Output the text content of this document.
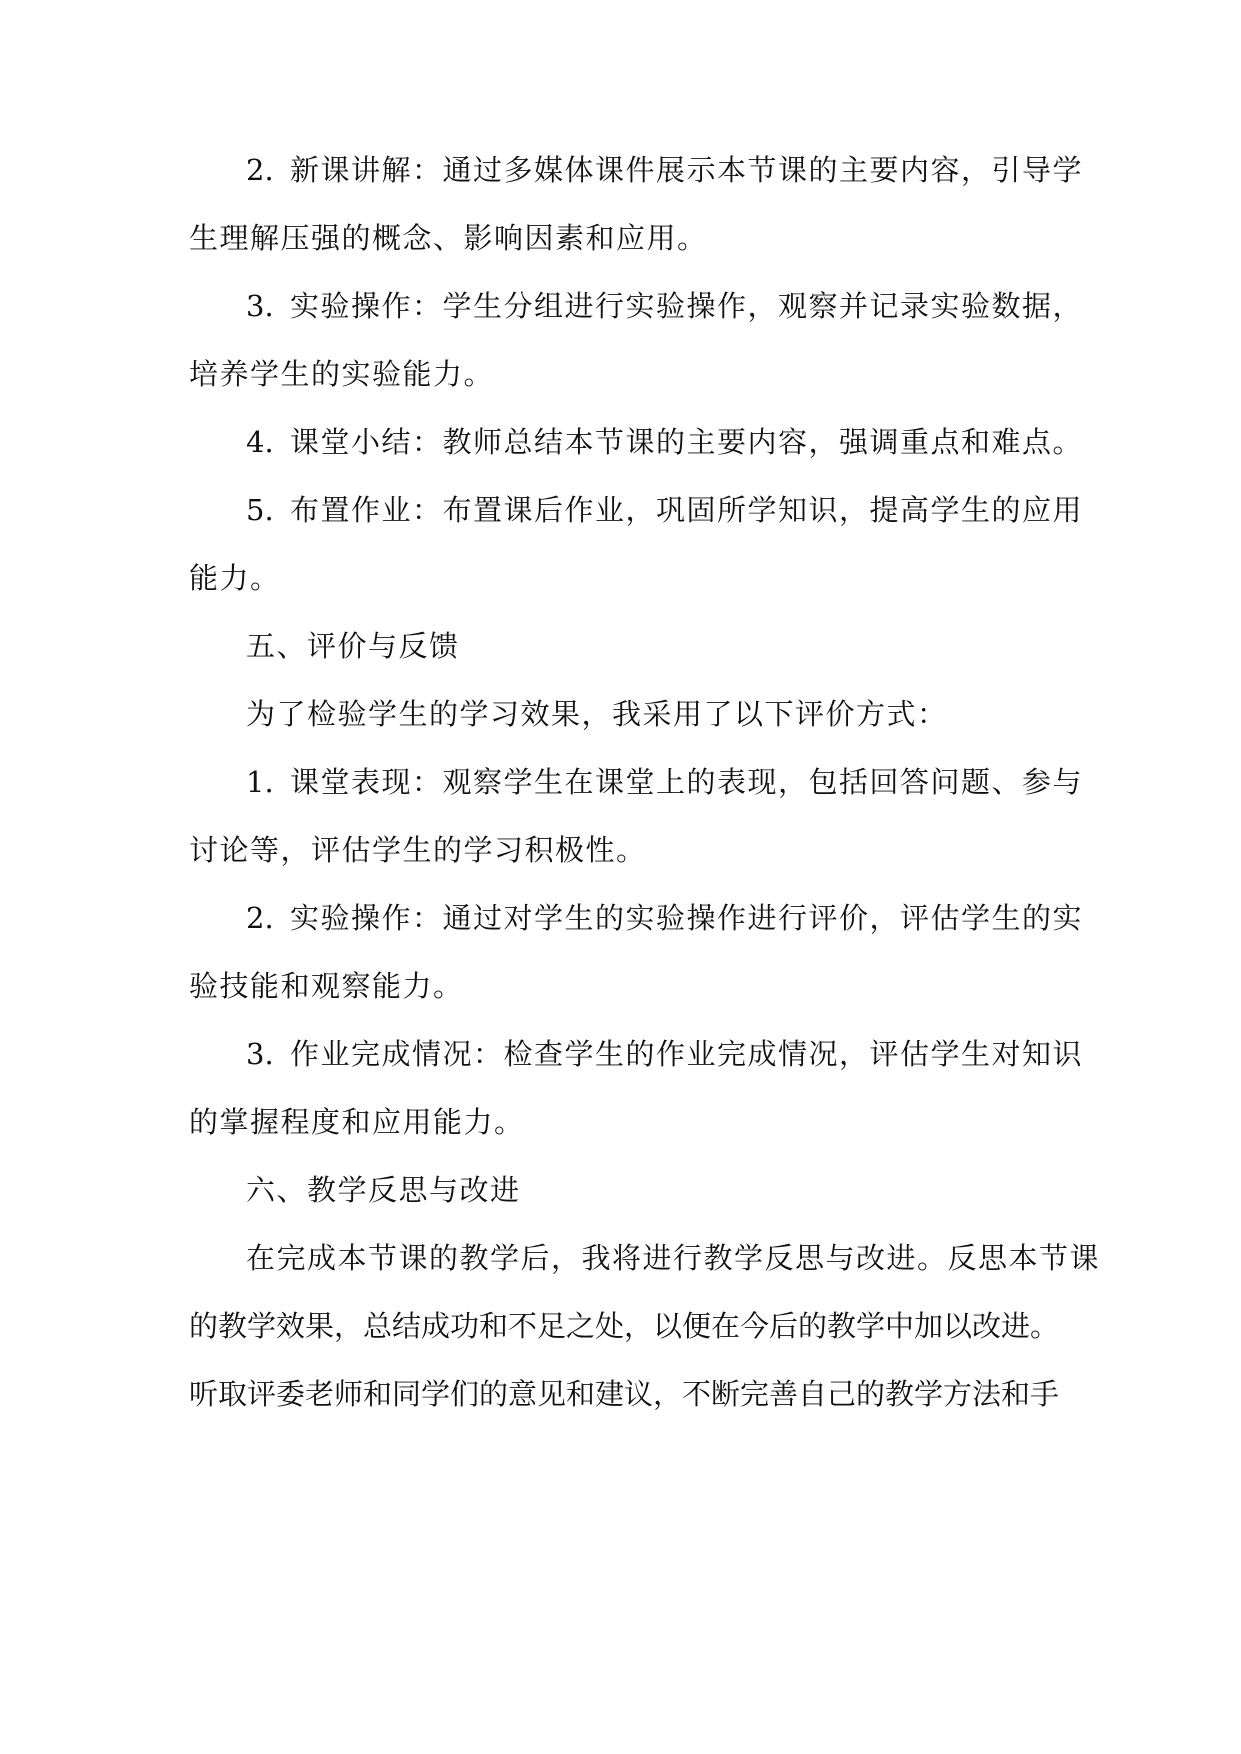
2. 新课讲解：通过多媒体课件展示本节课的主要内容，引导学
生理解压强的概念、影响因素和应用。
3. 实验操作：学生分组进行实验操作，观察并记录实验数据，
培养学生的实验能力。
4. 课堂小结：教师总结本节课的主要内容，强调重点和难点。
5. 布置作业：布置课后作业，巩固所学知识，提高学生的应用
能力。
五、评价与反馈
为了检验学生的学习效果，我采用了以下评价方式：
1. 课堂表现：观察学生在课堂上的表现，包括回答问题、参与
讨论等，评估学生的学习积极性。
2. 实验操作：通过对学生的实验操作进行评价，评估学生的实
验技能和观察能力。
3. 作业完成情况：检查学生的作业完成情况，评估学生对知识
的掌握程度和应用能力。
六、教学反思与改进
在完成本节课的教学后，我将进行教学反思与改进。反思本节课
的教学效果，总结成功和不足之处，以便在今后的教学中加以改进。
听取评委老师和同学们的意见和建议，不断完善自己的教学方法和手
